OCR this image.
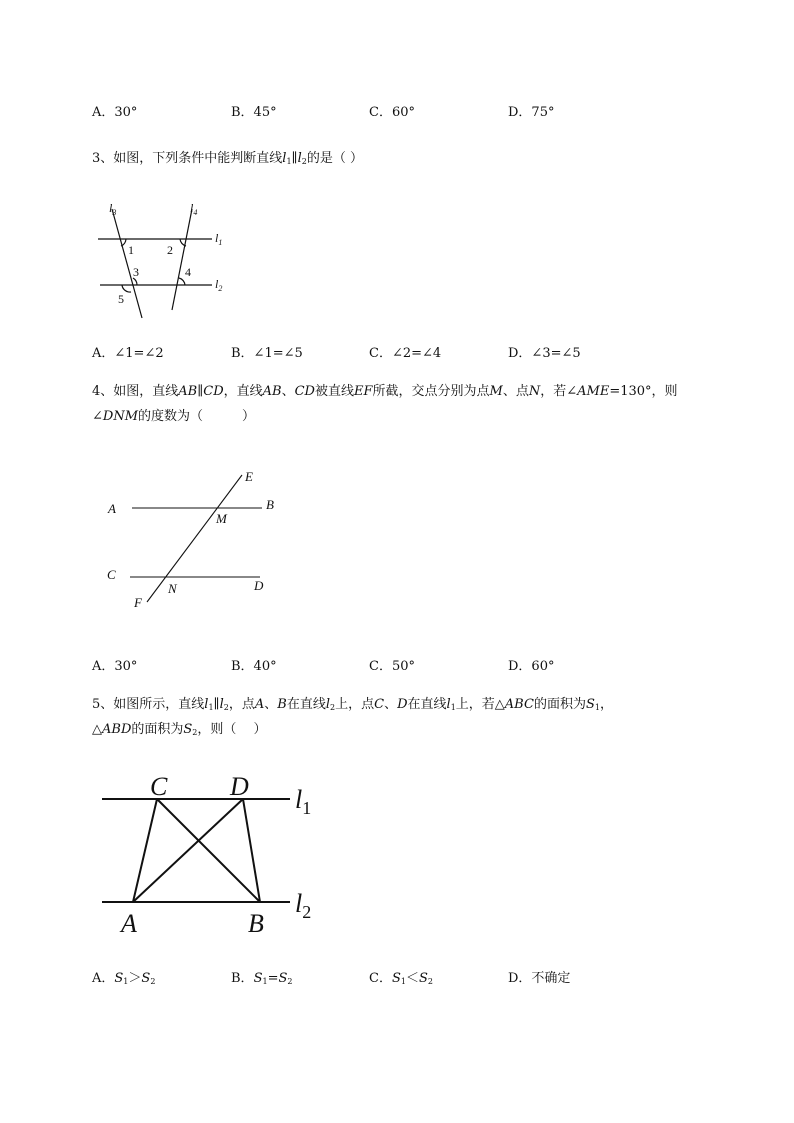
A．30°	B．45°	C．60°	D．75°
3、如图，下列条件中能判断直线$l_1\parallel l_2$的是（ ）
$l_3$	$l_4$
$l_1$
$l_2$
1	2
3	4
5
A．∠1=∠2	B．∠1=∠5	C．∠2=∠4	D．∠3=∠5
4、如图，直线AB∥CD，直线AB、CD被直线EF所截，交点分别为点M、点N，若∠AME=130°，则
∠DNM的度数为（　　　）
A	B
C
D
E
F
M
N
A．30°	B．40°	C．50°	D．60°
5、如图所示，直线$l_1\parallel l_2$，点A、B在直线$l_2$上，点C、D在直线$l_1$上，若△ABC的面积为$S_1$，
△ABD的面积为$S_2$，则（　 ）
C D
A	B
$l_1$
$l_2$
A．$S_1>S_2$	B．$S_1=S_2$	C．$S_1<S_2$	D．不确定
